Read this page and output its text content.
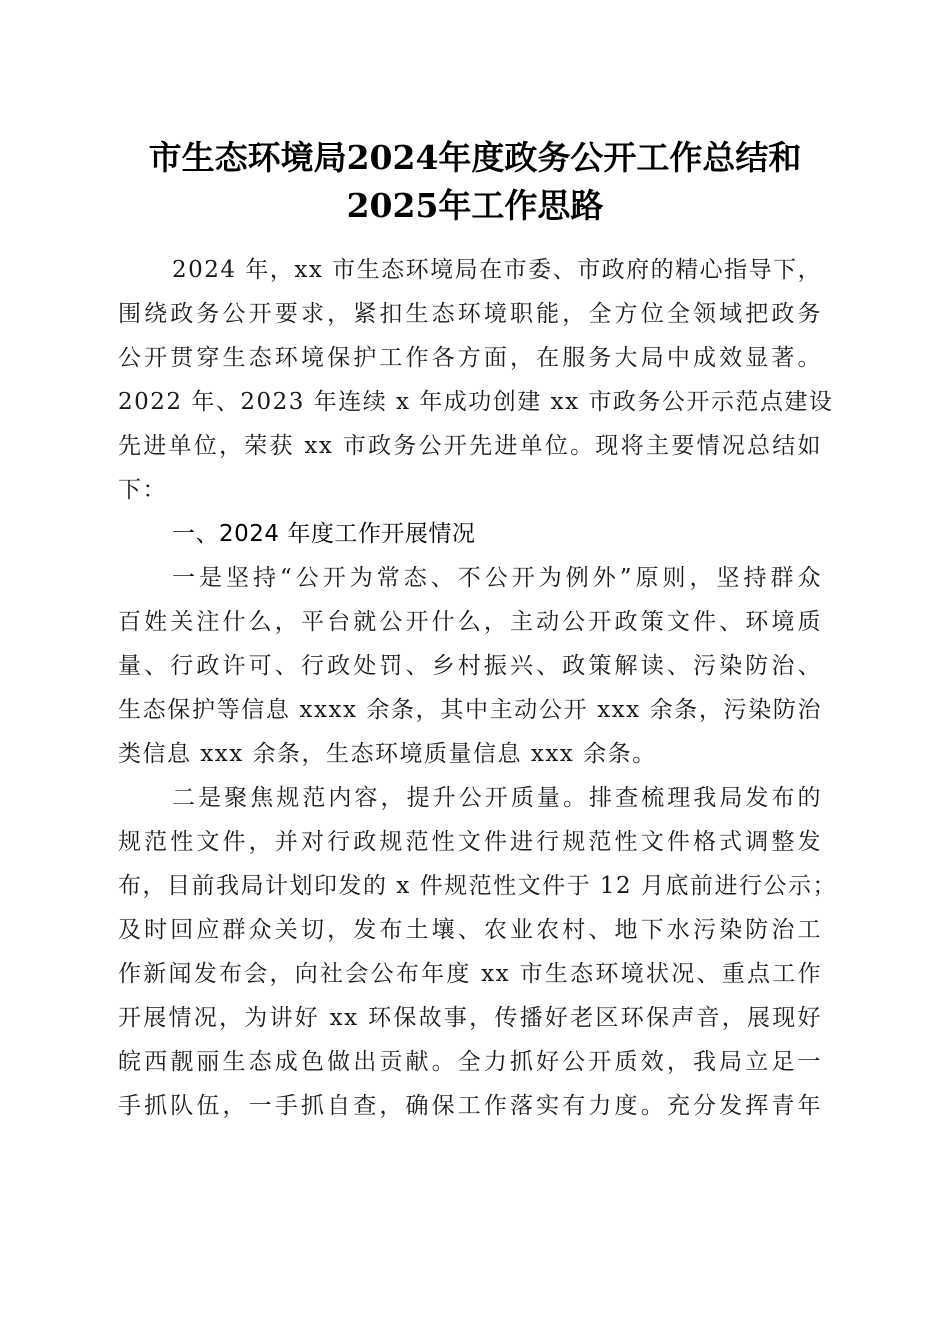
市生态环境局2024年度政务公开工作总结和
2025年工作思路
2024 年，xx 市生态环境局在市委、市政府的精心指导下，
围绕政务公开要求，紧扣生态环境职能，全方位全领域把政务
公开贯穿生态环境保护工作各方面，在服务大局中成效显著。
2022 年、2023 年连续 x 年成功创建 xx 市政务公开示范点建设
先进单位，荣获 xx 市政务公开先进单位。现将主要情况总结如
下：
一、2024 年度工作开展情况
一是坚持“公开为常态、不公开为例外”原则，坚持群众
百姓关注什么，平台就公开什么，主动公开政策文件、环境质
量、行政许可、行政处罚、乡村振兴、政策解读、污染防治、
生态保护等信息 xxxx 余条，其中主动公开 xxx 余条，污染防治
类信息 xxx 余条，生态环境质量信息 xxx 余条。
二是聚焦规范内容，提升公开质量。排查梳理我局发布的
规范性文件，并对行政规范性文件进行规范性文件格式调整发
布，目前我局计划印发的 x 件规范性文件于 12 月底前进行公示；
及时回应群众关切，发布土壤、农业农村、地下水污染防治工
作新闻发布会，向社会公布年度 xx 市生态环境状况、重点工作
开展情况，为讲好 xx 环保故事，传播好老区环保声音，展现好
皖西靓丽生态成色做出贡献。全力抓好公开质效，我局立足一
手抓队伍，一手抓自查，确保工作落实有力度。充分发挥青年
